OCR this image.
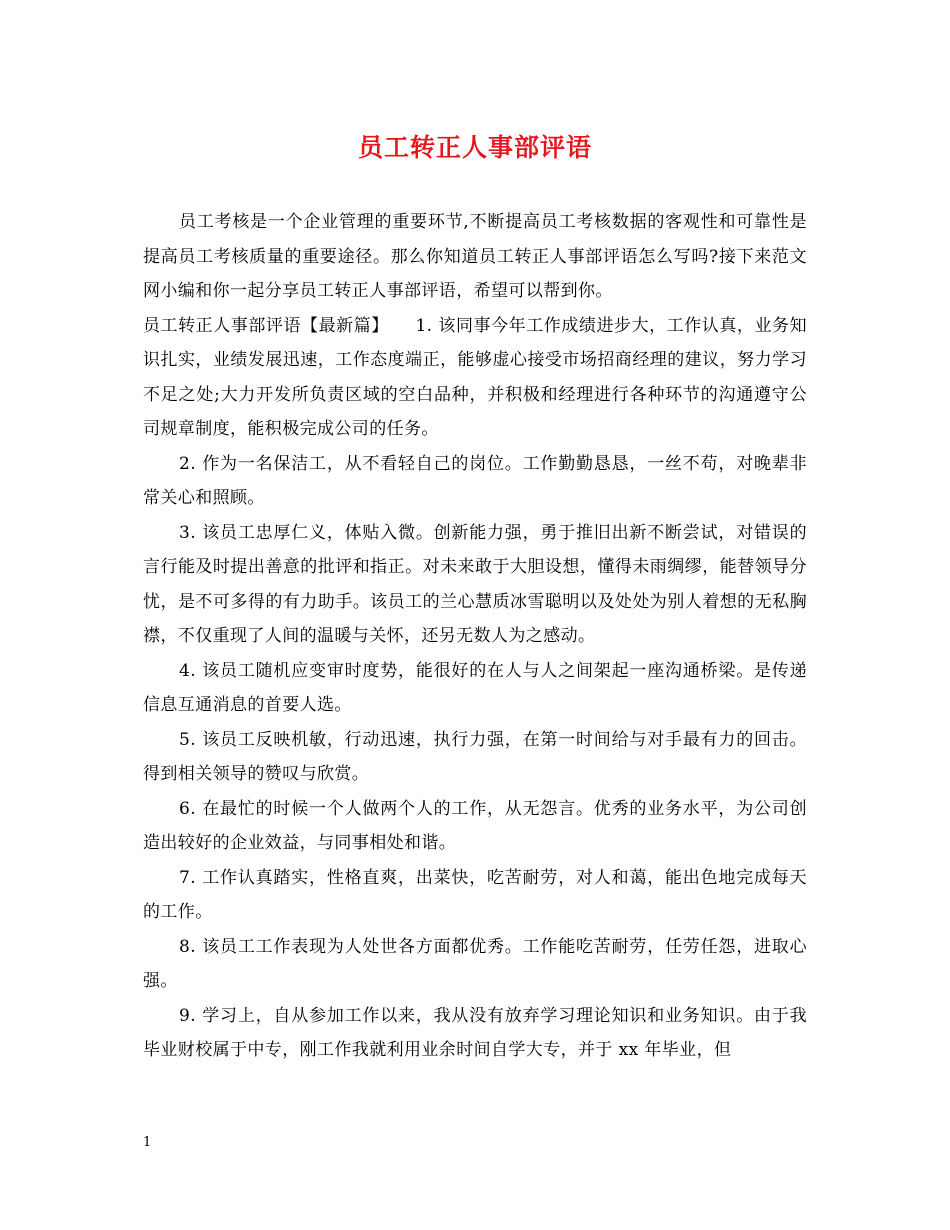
员工转正人事部评语

员工考核是一个企业管理的重要环节,不断提高员工考核数据的客观性和可靠性是提高员工考核质量的重要途径。那么你知道员工转正人事部评语怎么写吗?接下来范文网小编和你一起分享员工转正人事部评语，希望可以帮到你。

员工转正人事部评语【最新篇】　　1. 该同事今年工作成绩进步大，工作认真，业务知识扎实，业绩发展迅速，工作态度端正，能够虚心接受市场招商经理的建议，努力学习不足之处;大力开发所负责区域的空白品种，并积极和经理进行各种环节的沟通遵守公司规章制度，能积极完成公司的任务。

2. 作为一名保洁工，从不看轻自己的岗位。工作勤勤恳恳，一丝不苟，对晚辈非常关心和照顾。

3. 该员工忠厚仁义，体贴入微。创新能力强，勇于推旧出新不断尝试，对错误的言行能及时提出善意的批评和指正。对未来敢于大胆设想，懂得未雨绸缪，能替领导分忧，是不可多得的有力助手。该员工的兰心慧质冰雪聪明以及处处为别人着想的无私胸襟，不仅重现了人间的温暖与关怀，还另无数人为之感动。

4. 该员工随机应变审时度势，能很好的在人与人之间架起一座沟通桥梁。是传递信息互通消息的首要人选。

5. 该员工反映机敏，行动迅速，执行力强，在第一时间给与对手最有力的回击。得到相关领导的赞叹与欣赏。

6. 在最忙的时候一个人做两个人的工作，从无怨言。优秀的业务水平，为公司创造出较好的企业效益，与同事相处和谐。

7. 工作认真踏实，性格直爽，出菜快，吃苦耐劳，对人和蔼，能出色地完成每天的工作。

8. 该员工工作表现为人处世各方面都优秀。工作能吃苦耐劳，任劳任怨，进取心强。

9. 学习上，自从参加工作以来，我从没有放弃学习理论知识和业务知识。由于我毕业财校属于中专，刚工作我就利用业余时间自学大专，并于 xx 年毕业，但

1
